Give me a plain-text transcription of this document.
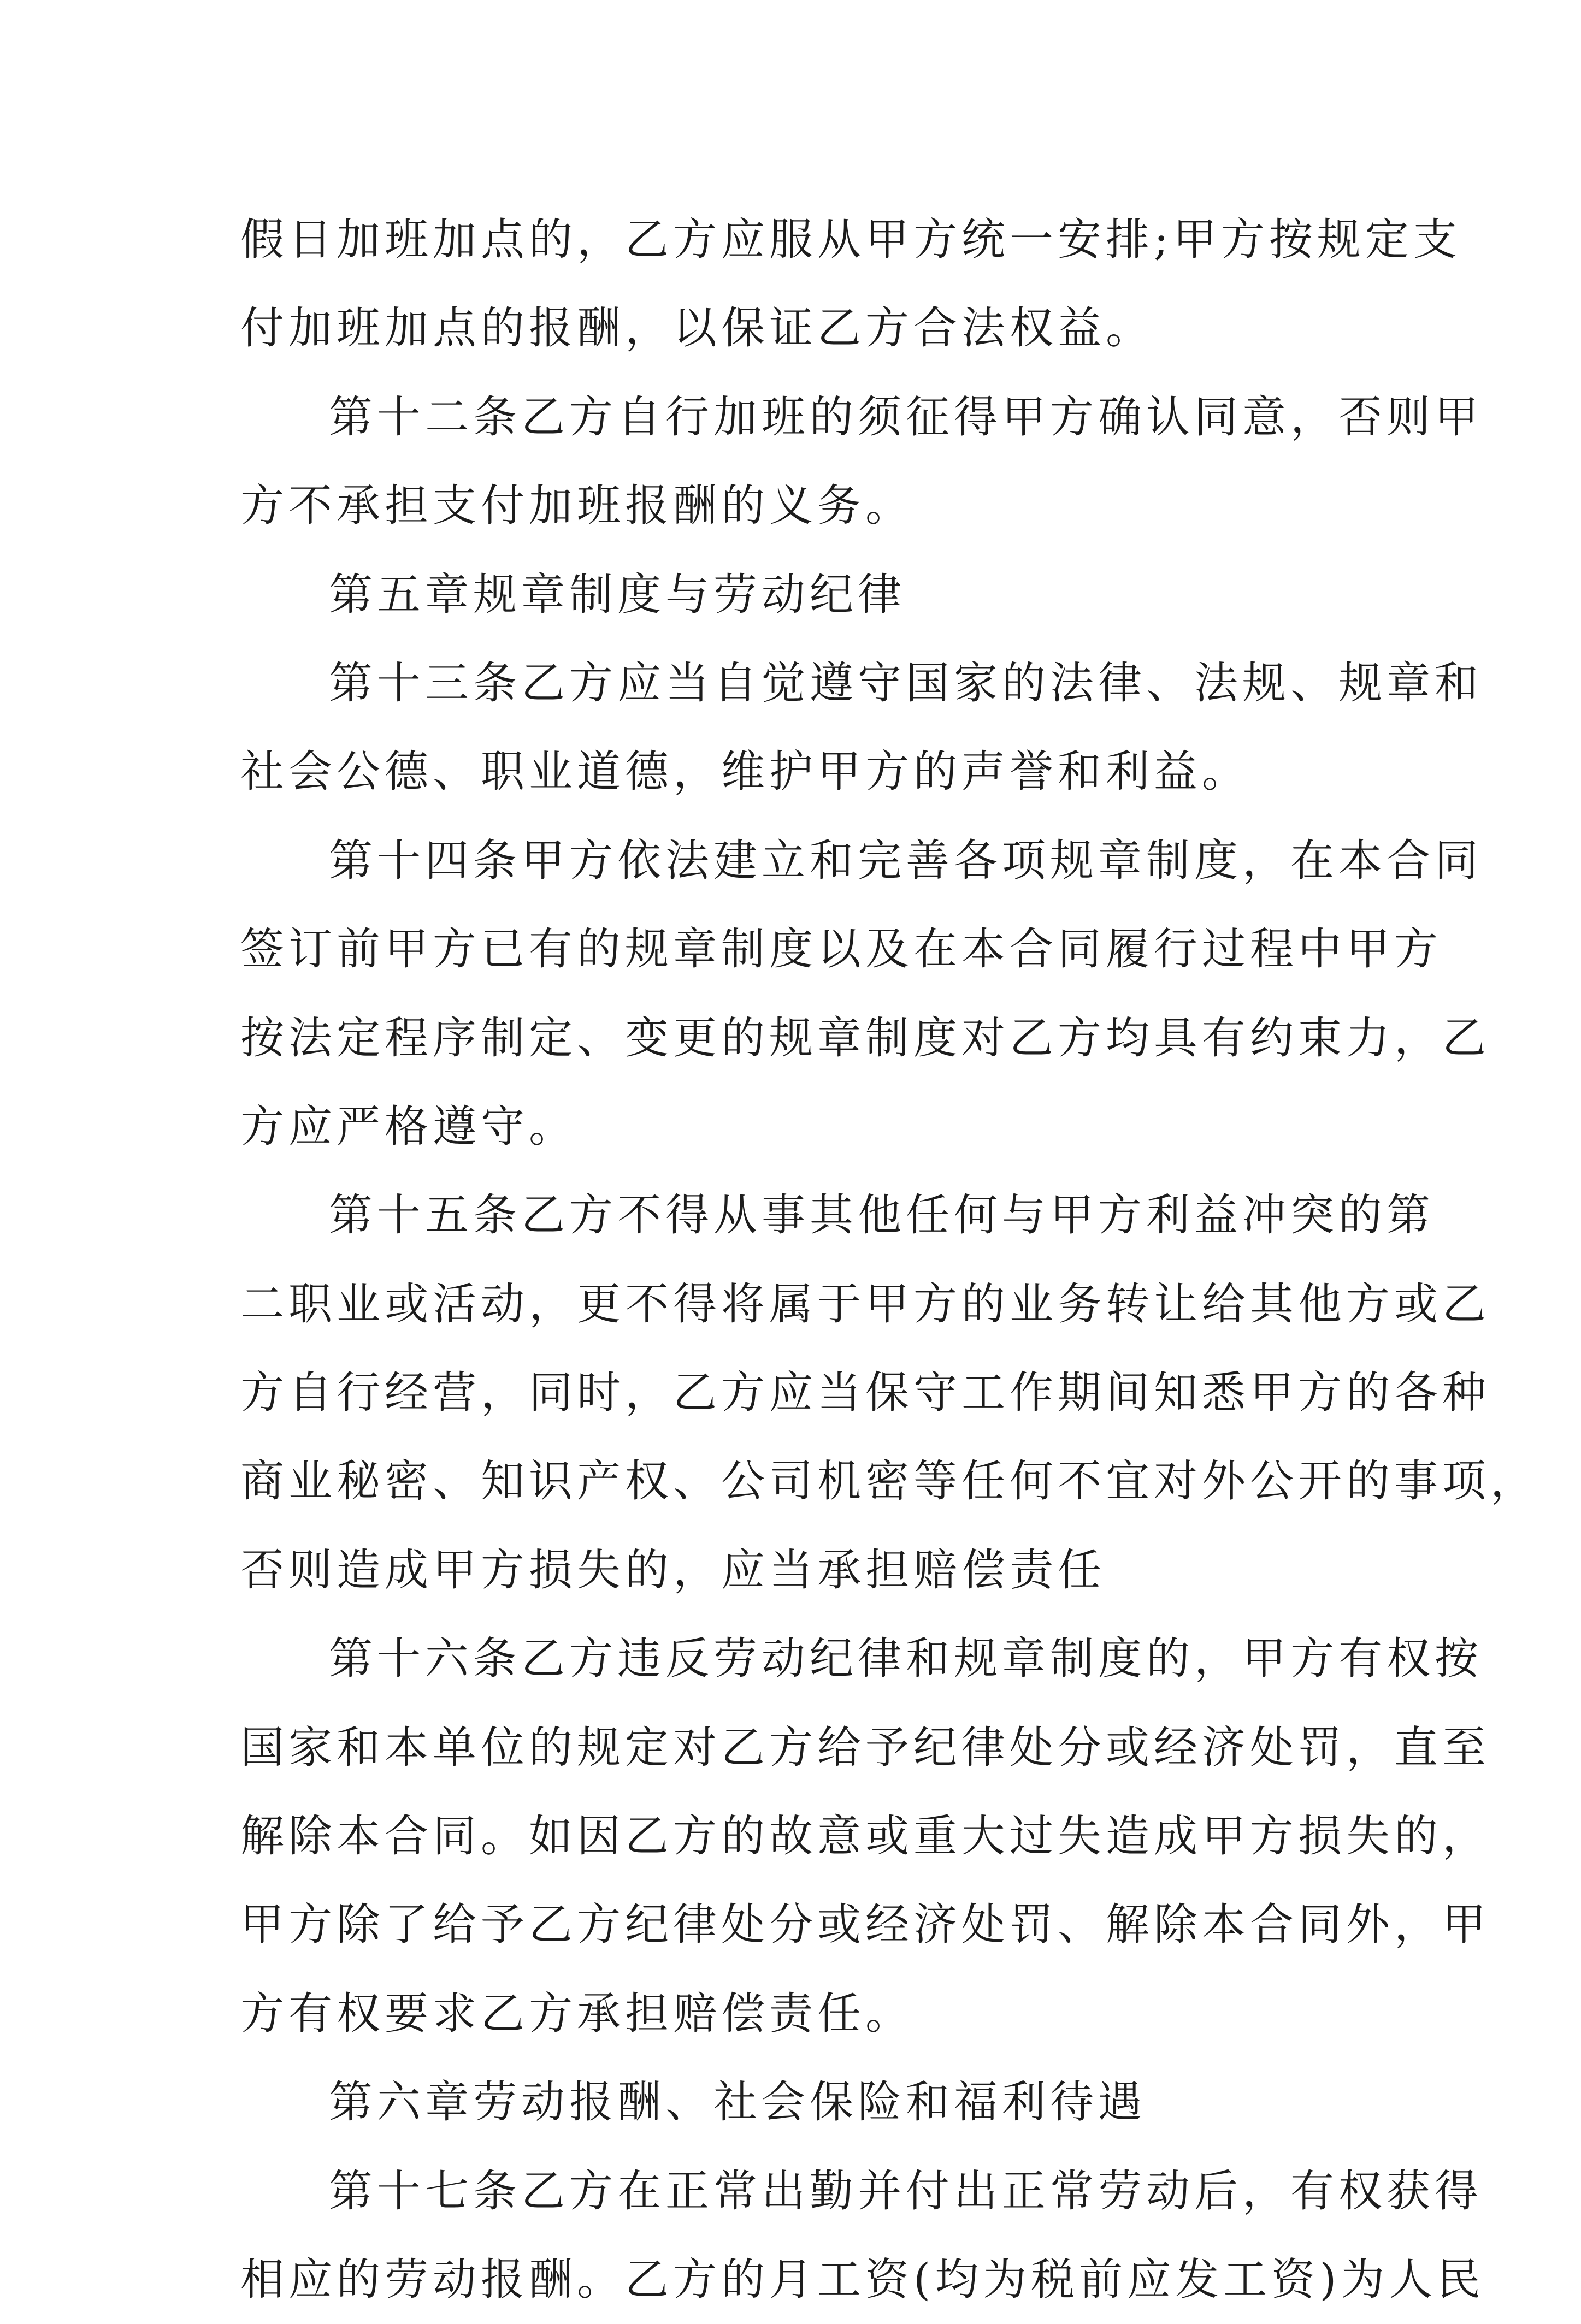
假日加班加点的，乙方应服从甲方统一安排;甲方按规定支
付加班加点的报酬，以保证乙方合法权益。
第十二条乙方自行加班的须征得甲方确认同意，否则甲
方不承担支付加班报酬的义务。
第五章规章制度与劳动纪律
第十三条乙方应当自觉遵守国家的法律、法规、规章和
社会公德、职业道德，维护甲方的声誉和利益。
第十四条甲方依法建立和完善各项规章制度，在本合同
签订前甲方已有的规章制度以及在本合同履行过程中甲方
按法定程序制定、变更的规章制度对乙方均具有约束力，乙
方应严格遵守。
第十五条乙方不得从事其他任何与甲方利益冲突的第
二职业或活动，更不得将属于甲方的业务转让给其他方或乙
方自行经营，同时，乙方应当保守工作期间知悉甲方的各种
商业秘密、知识产权、公司机密等任何不宜对外公开的事项，
否则造成甲方损失的，应当承担赔偿责任
第十六条乙方违反劳动纪律和规章制度的，甲方有权按
国家和本单位的规定对乙方给予纪律处分或经济处罚，直至
解除本合同。如因乙方的故意或重大过失造成甲方损失的，
甲方除了给予乙方纪律处分或经济处罚、解除本合同外，甲
方有权要求乙方承担赔偿责任。
第六章劳动报酬、社会保险和福利待遇
第十七条乙方在正常出勤并付出正常劳动后，有权获得
相应的劳动报酬。乙方的月工资(均为税前应发工资)为人民
